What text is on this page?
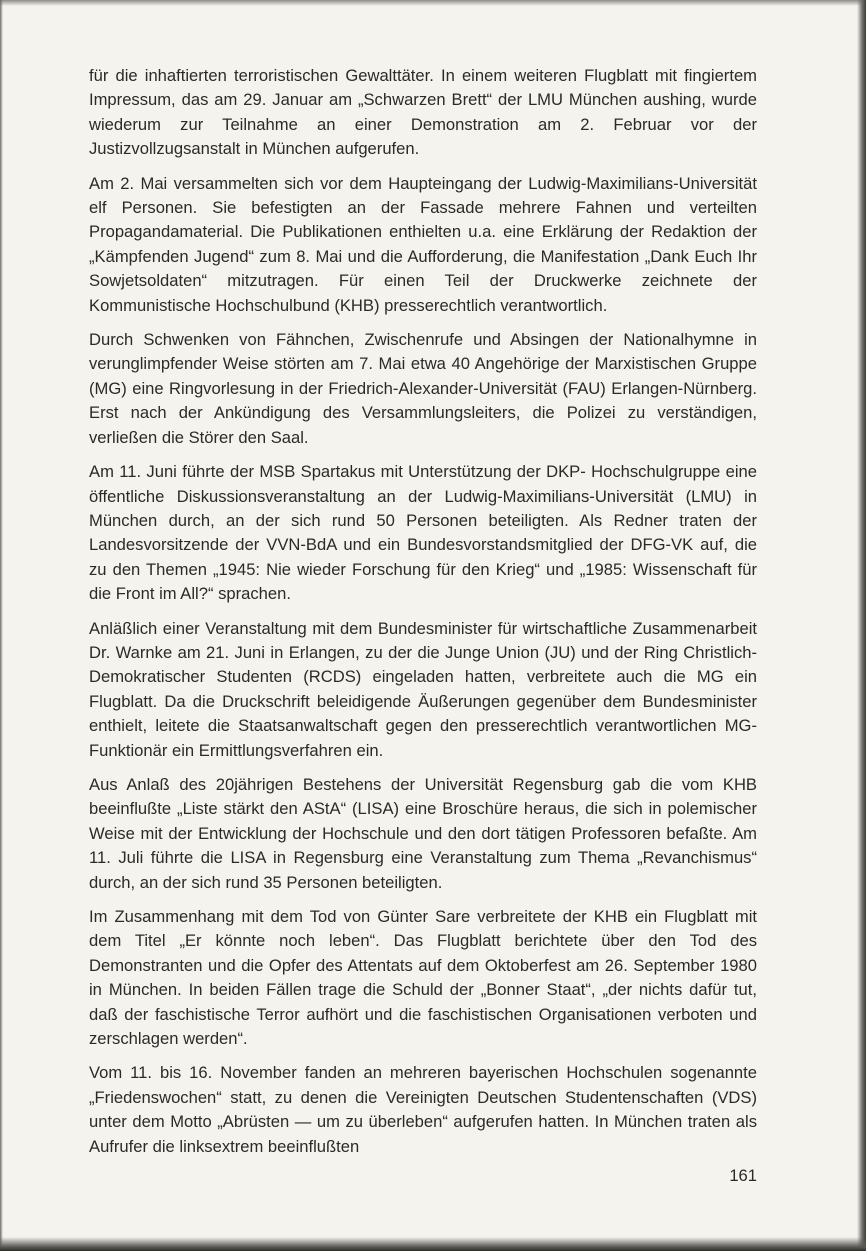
für die inhaftierten terroristischen Gewalttäter. In einem weiteren Flugblatt mit fingiertem Impressum, das am 29. Januar am „Schwarzen Brett“ der LMU München aushing, wurde wiederum zur Teilnahme an einer Demonstration am 2. Februar vor der Justizvollzugsanstalt in München aufgerufen.

Am 2. Mai versammelten sich vor dem Haupteingang der Ludwig-Maximilians-Universität elf Personen. Sie befestigten an der Fassade mehrere Fahnen und verteilten Propagandamaterial. Die Publikationen enthielten u.a. eine Erklärung der Redaktion der „Kämpfenden Jugend“ zum 8. Mai und die Aufforderung, die Manifestation „Dank Euch Ihr Sowjetsoldaten“ mitzutragen. Für einen Teil der Druckwerke zeichnete der Kommunistische Hochschulbund (KHB) presserechtlich verantwortlich.

Durch Schwenken von Fähnchen, Zwischenrufe und Absingen der Nationalhymne in verunglimpfender Weise störten am 7. Mai etwa 40 Angehörige der Marxistischen Gruppe (MG) eine Ringvorlesung in der Friedrich-Alexander-Universität (FAU) Erlangen-Nürnberg. Erst nach der Ankündigung des Versammlungsleiters, die Polizei zu verständigen, verließen die Störer den Saal.

Am 11. Juni führte der MSB Spartakus mit Unterstützung der DKP- Hochschulgruppe eine öffentliche Diskussionsveranstaltung an der Ludwig-Maximilians-Universität (LMU) in München durch, an der sich rund 50 Personen beteiligten. Als Redner traten der Landesvorsitzende der VVN-BdA und ein Bundesvorstandsmitglied der DFG-VK auf, die zu den Themen „1945: Nie wieder Forschung für den Krieg“ und „1985: Wissenschaft für die Front im All?“ sprachen.

Anläßlich einer Veranstaltung mit dem Bundesminister für wirtschaftliche Zusammenarbeit Dr. Warnke am 21. Juni in Erlangen, zu der die Junge Union (JU) und der Ring Christlich-Demokratischer Studenten (RCDS) eingeladen hatten, verbreitete auch die MG ein Flugblatt. Da die Druckschrift beleidigende Äußerungen gegenüber dem Bundesminister enthielt, leitete die Staatsanwaltschaft gegen den presserechtlich verantwortlichen MG-Funktionär ein Ermittlungsverfahren ein.

Aus Anlaß des 20jährigen Bestehens der Universität Regensburg gab die vom KHB beeinflußte „Liste stärkt den AStA“ (LISA) eine Broschüre heraus, die sich in polemischer Weise mit der Entwicklung der Hochschule und den dort tätigen Professoren befaßte. Am 11. Juli führte die LISA in Regensburg eine Veranstaltung zum Thema „Revanchismus“ durch, an der sich rund 35 Personen beteiligten.

Im Zusammenhang mit dem Tod von Günter Sare verbreitete der KHB ein Flugblatt mit dem Titel „Er könnte noch leben“. Das Flugblatt berichtete über den Tod des Demonstranten und die Opfer des Attentats auf dem Oktoberfest am 26. September 1980 in München. In beiden Fällen trage die Schuld der „Bonner Staat“, „der nichts dafür tut, daß der faschistische Terror aufhört und die faschistischen Organisationen verboten und zerschlagen werden“.

Vom 11. bis 16. November fanden an mehreren bayerischen Hochschulen sogenannte „Friedenswochen“ statt, zu denen die Vereinigten Deutschen Studentenschaften (VDS) unter dem Motto „Abrüsten — um zu überleben“ aufgerufen hatten. In München traten als Aufrufer die linksextrem beeinflußten

161
